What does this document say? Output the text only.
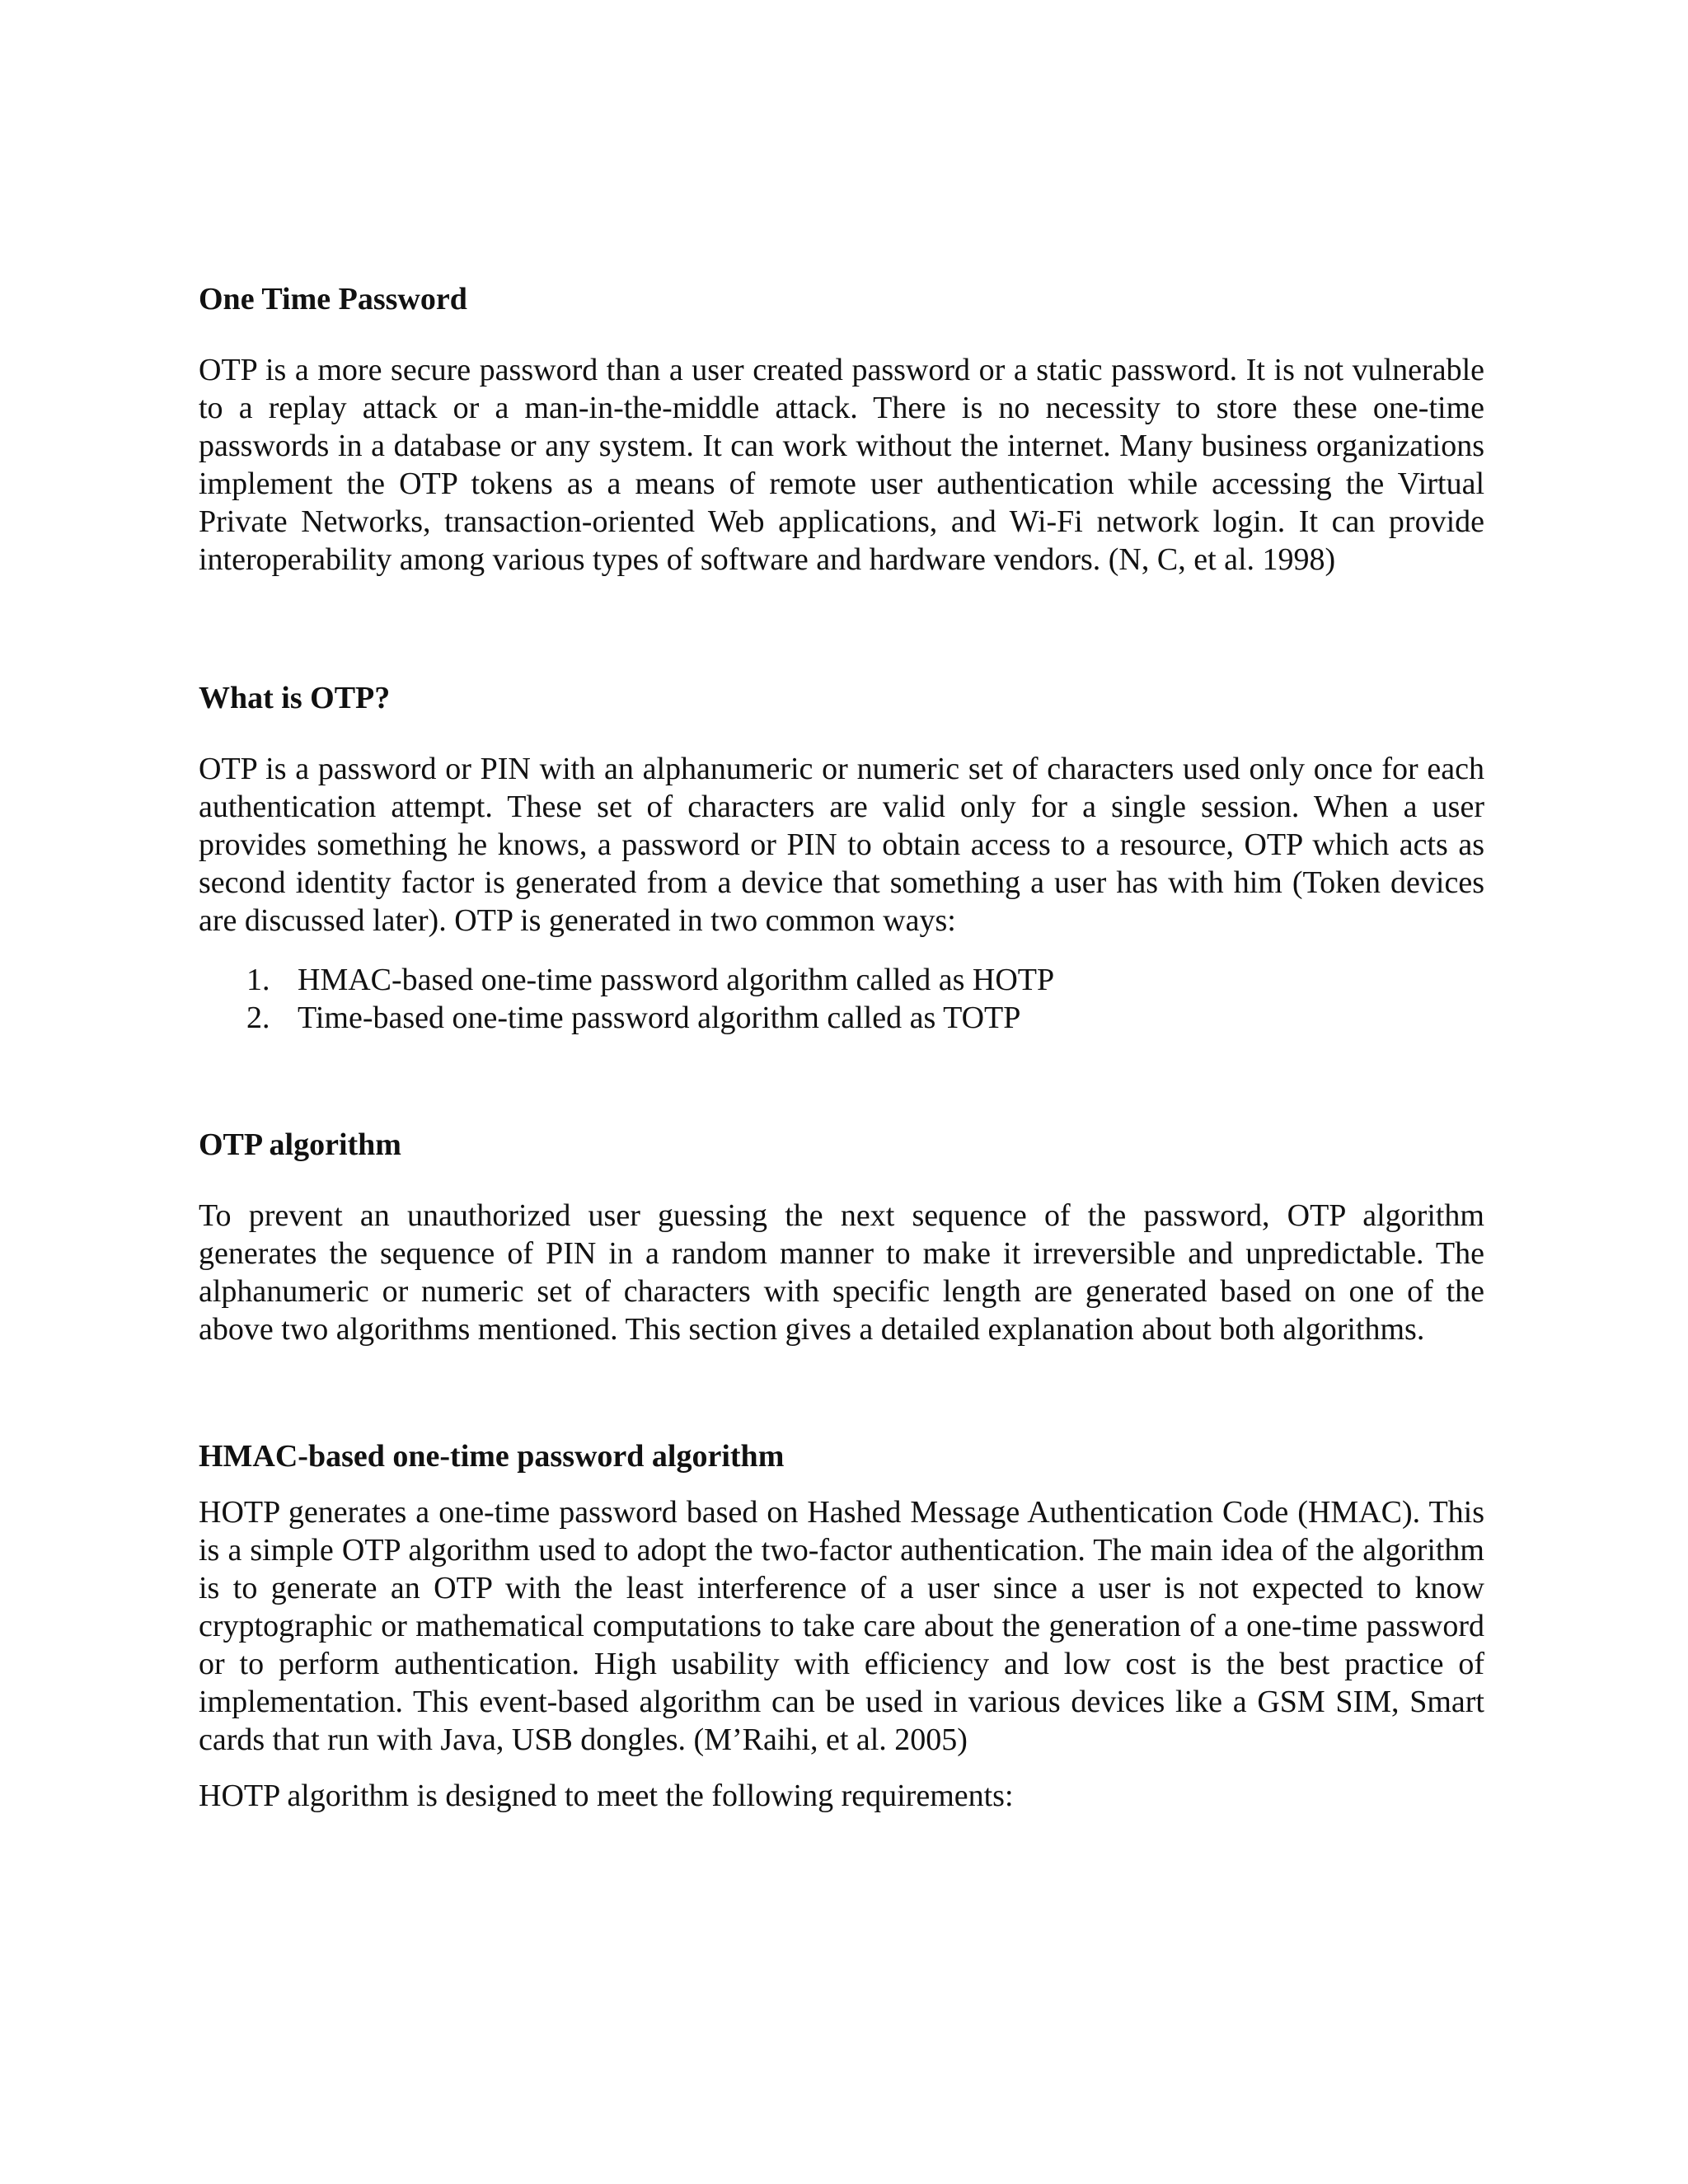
One Time Password

OTP is a more secure password than a user created password or a static password. It is not vulnerable to a replay attack or a man-in-the-middle attack. There is no necessity to store these one-time passwords in a database or any system. It can work without the internet. Many business organizations implement the OTP tokens as a means of remote user authentication while accessing the Virtual Private Networks, transaction-oriented Web applications, and Wi-Fi network login. It can provide interoperability among various types of software and hardware vendors. (N, C, et al. 1998)

What is OTP?

OTP is a password or PIN with an alphanumeric or numeric set of characters used only once for each authentication attempt. These set of characters are valid only for a single session. When a user provides something he knows, a password or PIN to obtain access to a resource, OTP which acts as second identity factor is generated from a device that something a user has with him (Token devices are discussed later). OTP is generated in two common ways:

1. HMAC-based one-time password algorithm called as HOTP
2. Time-based one-time password algorithm called as TOTP
OTP algorithm

To prevent an unauthorized user guessing the next sequence of the password, OTP algorithm generates the sequence of PIN in a random manner to make it irreversible and unpredictable. The alphanumeric or numeric set of characters with specific length are generated based on one of the above two algorithms mentioned. This section gives a detailed explanation about both algorithms.

HMAC-based one-time password algorithm

HOTP generates a one-time password based on Hashed Message Authentication Code (HMAC). This is a simple OTP algorithm used to adopt the two-factor authentication. The main idea of the algorithm is to generate an OTP with the least interference of a user since a user is not expected to know cryptographic or mathematical computations to take care about the generation of a one-time password or to perform authentication. High usability with efficiency and low cost is the best practice of implementation. This event-based algorithm can be used in various devices like a GSM SIM, Smart cards that run with Java, USB dongles. (M’Raihi, et al. 2005)

HOTP algorithm is designed to meet the following requirements:
